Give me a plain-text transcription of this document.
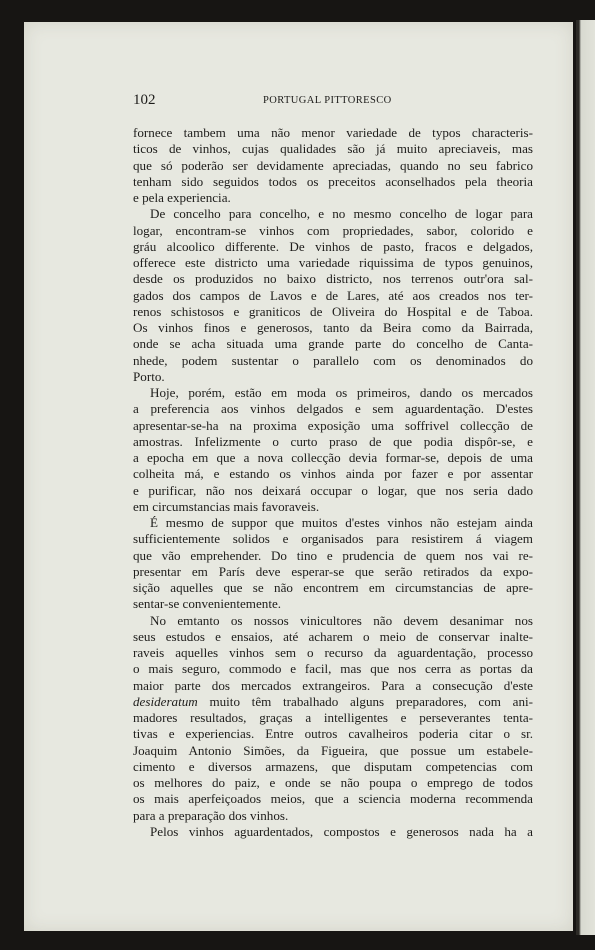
102	PORTUGAL PITTORESCO
fornece tambem uma não menor variedade de typos characteris-
ticos de vinhos, cujas qualidades são já muito apreciaveis, mas
que só poderão ser devidamente apreciadas, quando no seu fabrico
tenham sido seguidos todos os preceitos aconselhados pela theoria
e pela experiencia.
De concelho para concelho, e no mesmo concelho de logar para
logar, encontram-se vinhos com propriedades, sabor, colorido e
gráu alcoolico differente. De vinhos de pasto, fracos e delgados,
offerece este districto uma variedade riquissima de typos genuinos,
desde os produzidos no baixo districto, nos terrenos outr'ora sal-
gados dos campos de Lavos e de Lares, até aos creados nos ter-
renos schistosos e graniticos de Oliveira do Hospital e de Taboa.
Os vinhos finos e generosos, tanto da Beira como da Bairrada,
onde se acha situada uma grande parte do concelho de Canta-
nhede, podem sustentar o parallelo com os denominados do
Porto.
Hoje, porém, estão em moda os primeiros, dando os mercados
a preferencia aos vinhos delgados e sem aguardentação. D'estes
apresentar-se-ha na proxima exposição uma soffrivel collecção de
amostras. Infelizmente o curto praso de que podia dispôr-se, e
a epocha em que a nova collecção devia formar-se, depois de uma
colheita má, e estando os vinhos ainda por fazer e por assentar
e purificar, não nos deixará occupar o logar, que nos seria dado
em circumstancias mais favoraveis.
É mesmo de suppor que muitos d'estes vinhos não estejam ainda
sufficientemente solidos e organisados para resistirem á viagem
que vão emprehender. Do tino e prudencia de quem nos vai re-
presentar em París deve esperar-se que serão retirados da expo-
sição aquelles que se não encontrem em circumstancias de apre-
sentar-se convenientemente.
No emtanto os nossos vinicultores não devem desanimar nos
seus estudos e ensaios, até acharem o meio de conservar inalte-
raveis aquelles vinhos sem o recurso da aguardentação, processo
o mais seguro, commodo e facil, mas que nos cerra as portas da
maior parte dos mercados extrangeiros. Para a consecução d'este
desideratum muito têm trabalhado alguns preparadores, com ani-
madores resultados, graças a intelligentes e perseverantes tenta-
tivas e experiencias. Entre outros cavalheiros poderia citar o sr.
Joaquim Antonio Simões, da Figueira, que possue um estabele-
cimento e diversos armazens, que disputam competencias com
os melhores do paiz, e onde se não poupa o emprego de todos
os mais aperfeiçoados meios, que a sciencia moderna recommenda
para a preparação dos vinhos.
Pelos vinhos aguardentados, compostos e generosos nada ha a
